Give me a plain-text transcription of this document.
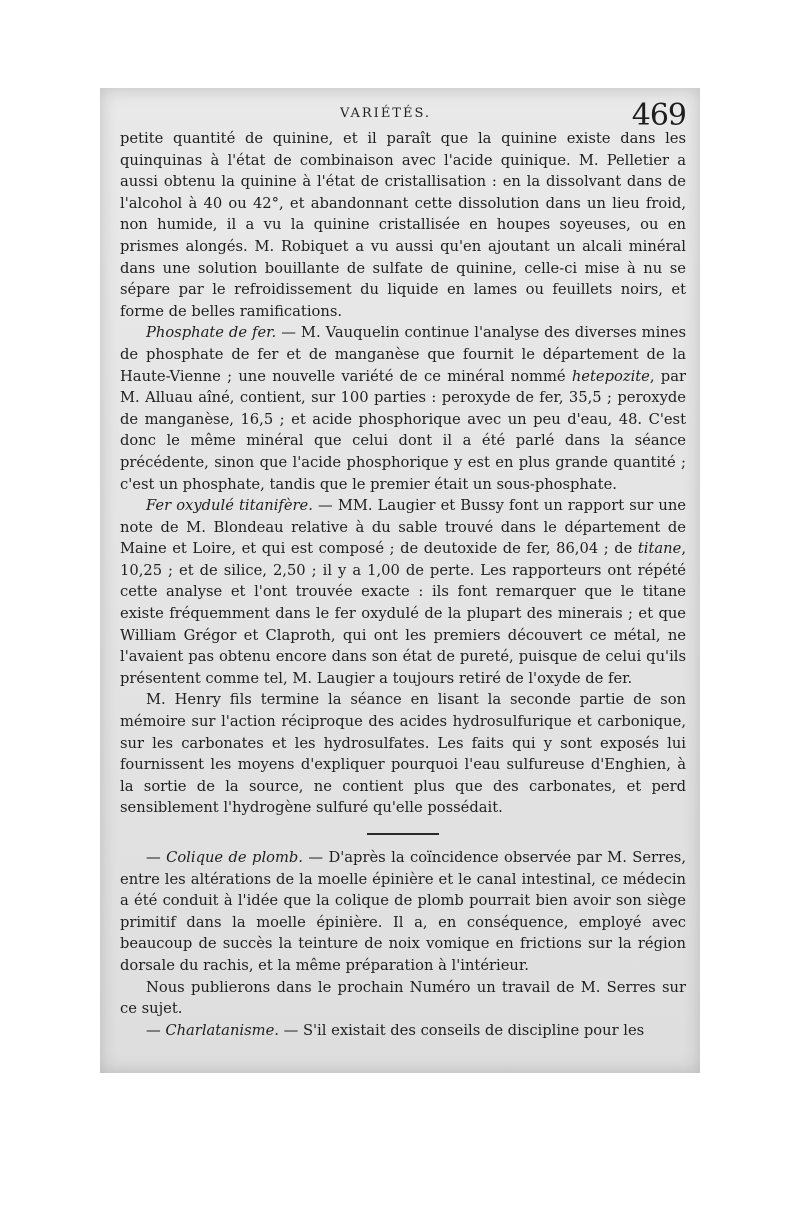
VARIÉTÉS.	469

petite quantité de quinine, et il paraît que la quinine existe dans les quinquinas à l'état de combinaison avec l'acide quinique. M. Pelletier a aussi obtenu la quinine à l'état de cristallisation : en la dissolvant dans de l'alcohol à 40 ou 42°, et abandonnant cette dissolution dans un lieu froid, non humide, il a vu la quinine cristallisée en houpes soyeuses, ou en prismes alongés. M. Robiquet a vu aussi qu'en ajoutant un alcali minéral dans une solution bouillante de sulfate de quinine, celle-ci mise à nu se sépare par le refroidissement du liquide en lames ou feuillets noirs, et forme de belles ramifications.

Phosphate de fer. — M. Vauquelin continue l'analyse des diverses mines de phosphate de fer et de manganèse que fournit le département de la Haute-Vienne ; une nouvelle variété de ce minéral nommé hetepozite, par M. Alluau aîné, contient, sur 100 parties : peroxyde de fer, 35,5 ; peroxyde de manganèse, 16,5 ; et acide phosphorique avec un peu d'eau, 48. C'est donc le même minéral que celui dont il a été parlé dans la séance précédente, sinon que l'acide phosphorique y est en plus grande quantité ; c'est un phosphate, tandis que le premier était un sous-phosphate.

Fer oxydulé titanifère. — MM. Laugier et Bussy font un rapport sur une note de M. Blondeau relative à du sable trouvé dans le département de Maine et Loire, et qui est composé ; de deutoxide de fer, 86,04 ; de titane, 10,25 ; et de silice, 2,50 ; il y a 1,00 de perte. Les rapporteurs ont répété cette analyse et l'ont trouvée exacte : ils font remarquer que le titane existe fréquemment dans le fer oxydulé de la plupart des minerais ; et que William Grégor et Claproth, qui ont les premiers découvert ce métal, ne l'avaient pas obtenu encore dans son état de pureté, puisque de celui qu'ils présentent comme tel, M. Laugier a toujours retiré de l'oxyde de fer.

M. Henry fils termine la séance en lisant la seconde partie de son mémoire sur l'action réciproque des acides hydrosulfurique et carbonique, sur les carbonates et les hydrosulfates. Les faits qui y sont exposés lui fournissent les moyens d'expliquer pourquoi l'eau sulfureuse d'Enghien, à la sortie de la source, ne contient plus que des carbonates, et perd sensiblement l'hydrogène sulfuré qu'elle possédait.

— Colique de plomb. — D'après la coïncidence observée par M. Serres, entre les altérations de la moelle épinière et le canal intestinal, ce médecin a été conduit à l'idée que la colique de plomb pourrait bien avoir son siège primitif dans la moelle épinière. Il a, en conséquence, employé avec beaucoup de succès la teinture de noix vomique en frictions sur la région dorsale du rachis, et la même préparation à l'intérieur.

Nous publierons dans le prochain Numéro un travail de M. Serres sur ce sujet.

— Charlatanisme. — S'il existait des conseils de discipline pour les
